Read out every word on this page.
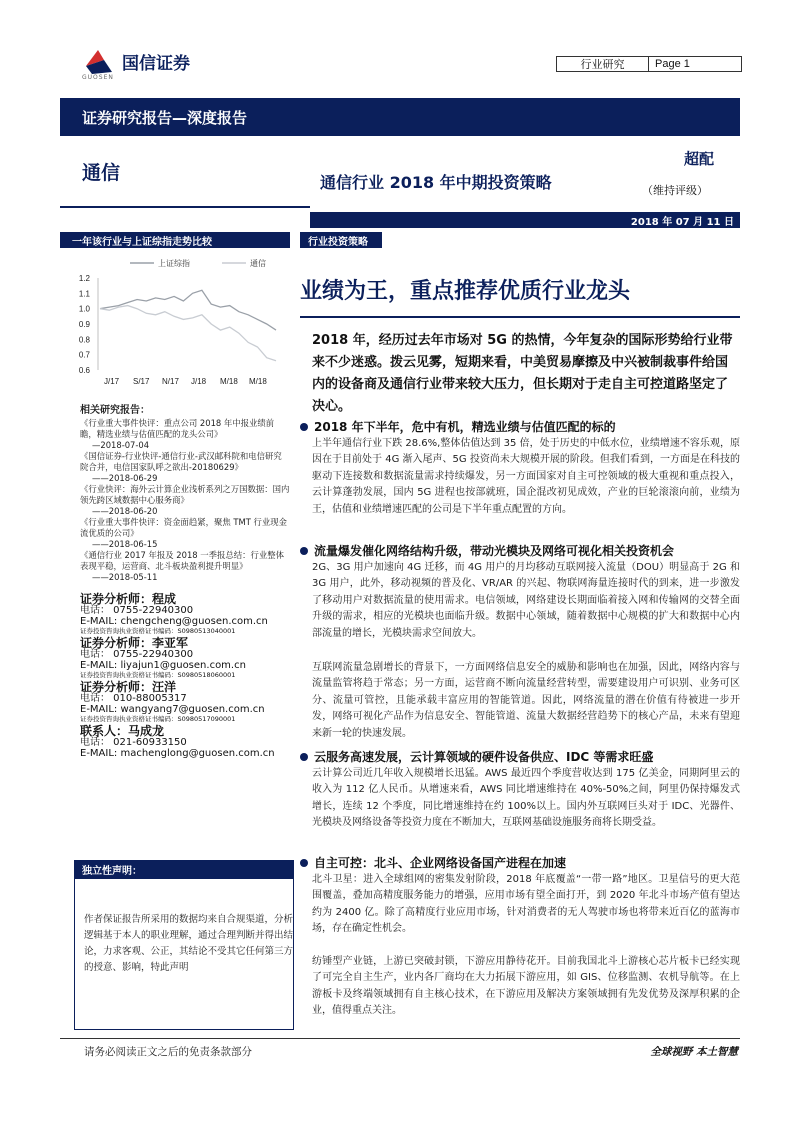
国信证券
GUOSEN
行业研究	Page 1
证券研究报告—深度报告
通信	通信行业 2018 年中期投资策略
超配
（维持评级）
2018 年 07 月 11 日
一年该行业与上证综指走势比较
1.2
1.1
1.0
0.9
0.8
0.7
0.6
J/17 S/17 N/17 J/18 M/18 M/18
上证综指	通信
行业投资策略
业绩为王，重点推荐优质行业龙头
2018 年，经历过去年市场对 5G 的热情，今年复杂的国际形势给行业带来不少迷惑。拨云见雾，短期来看，中美贸易摩擦及中兴被制裁事件给国内的设备商及通信行业带来较大压力，但长期对于走自主可控道路坚定了决心。
2018 年下半年，危中有机，精选业绩与估值匹配的标的
上半年通信行业下跌 28.6%,整体估值达到 35 倍，处于历史的中低水位，业绩增速不容乐观，原因在于目前处于 4G 渐入尾声、5G 投资尚未大规模开展的阶段。但我们看到，一方面是在科技的驱动下连接数和数据流量需求持续爆发，另一方面国家对自主可控领域的极大重视和重点投入，云计算蓬勃发展，国内 5G 进程也按部就班，国企混改初见成效，产业的巨轮滚滚向前，业绩为王，估值和业绩增速匹配的公司是下半年重点配置的方向。
流量爆发催化网络结构升级，带动光模块及网络可视化相关投资机会
2G、3G 用户加速向 4G 迁移，而 4G 用户的月均移动互联网接入流量（DOU）明显高于 2G 和 3G 用户，此外，移动视频的普及化、VR/AR 的兴起、物联网海量连接时代的到来，进一步激发了移动用户对数据流量的使用需求。电信领域，网络建设长期面临着接入网和传输网的交替全面升级的需求，相应的光模块也面临升级。数据中心领域，随着数据中心规模的扩大和数据中心内部流量的增长，光模块需求空间放大。
互联网流量急剧增长的背景下，一方面网络信息安全的威胁和影响也在加强，因此，网络内容与流量监管将趋于常态；另一方面，运营商不断向流量经营转型，需要建设用户可识别、业务可区分、流量可管控，且能承载丰富应用的智能管道。因此，网络流量的潜在价值有待被进一步开发，网络可视化产品作为信息安全、智能管道、流量大数据经营趋势下的核心产品，未来有望迎来新一轮的快速发展。
云服务高速发展，云计算领域的硬件设备供应、IDC 等需求旺盛
云计算公司近几年收入规模增长迅猛。AWS 最近四个季度营收达到 175 亿美金，同期阿里云的收入为 112 亿人民币。从增速来看，AWS 同比增速维持在 40%-50%之间，阿里仍保持爆发式增长，连续 12 个季度，同比增速维持在约 100%以上。国内外互联网巨头对于 IDC、光器件、光模块及网络设备等投资力度在不断加大，互联网基础设施服务商将长期受益。
自主可控：北斗、企业网络设备国产进程在加速
北斗卫星：进入全球组网的密集发射阶段，2018 年底覆盖“一带一路”地区。卫星信号的更大范围覆盖，叠加高精度服务能力的增强，应用市场有望全面打开，到 2020 年北斗市场产值有望达约为 2400 亿。除了高精度行业应用市场，针对消费者的无人驾驶市场也将带来近百亿的蓝海市场，存在确定性机会。
纺锤型产业链，上游已突破封锁，下游应用静待花开。目前我国北斗上游核心芯片板卡已经实现了可完全自主生产，业内各厂商均在大力拓展下游应用，如 GIS、位移监测、农机导航等。在上游板卡及终端领域拥有自主核心技术，在下游应用及解决方案领域拥有先发优势及深厚积累的企业，值得重点关注。
相关研究报告：
《行业重大事件快评：重点公司 2018 年中报业绩前瞻，精选业绩与估值匹配的龙头公司》
—2018-07-04
《国信证券-行业快评-通信行业-武汉邮科院和电信研究院合并，电信国家队呼之欲出-20180629》
——2018-06-29
《行业快评：海外云计算企业浅析系列之万国数据：国内领先跨区域数据中心服务商》
——2018-06-20
《行业重大事件快评：资金面趋紧，聚焦 TMT 行业现金流优质的公司》
——2018-06-15
《通信行业 2017 年报及 2018 一季报总结：行业整体表现平稳，运营商、北斗板块盈利提升明显》
——2018-05-11
证券分析师：程成
电话： 0755-22940300
E-MAIL: chengcheng@guosen.com.cn
证券投资咨询执业资格证书编码：S0980513040001
证券分析师：李亚军
电话： 0755-22940300
E-MAIL: liyajun1@guosen.com.cn
证券投资咨询执业资格证书编码：S0980518060001
证券分析师：汪洋
电话： 010-88005317
E-MAIL: wangyang7@guosen.com.cn
证券投资咨询执业资格证书编码：S0980517090001
联系人：马成龙
电话： 021-60933150
E-MAIL: machenglong@guosen.com.cn
独立性声明：
作者保证报告所采用的数据均来自合规渠道，分析逻辑基于本人的职业理解，通过合理判断并得出结论，力求客观、公正，其结论不受其它任何第三方的授意、影响，特此声明
请务必阅读正文之后的免责条款部分	全球视野 本土智慧
